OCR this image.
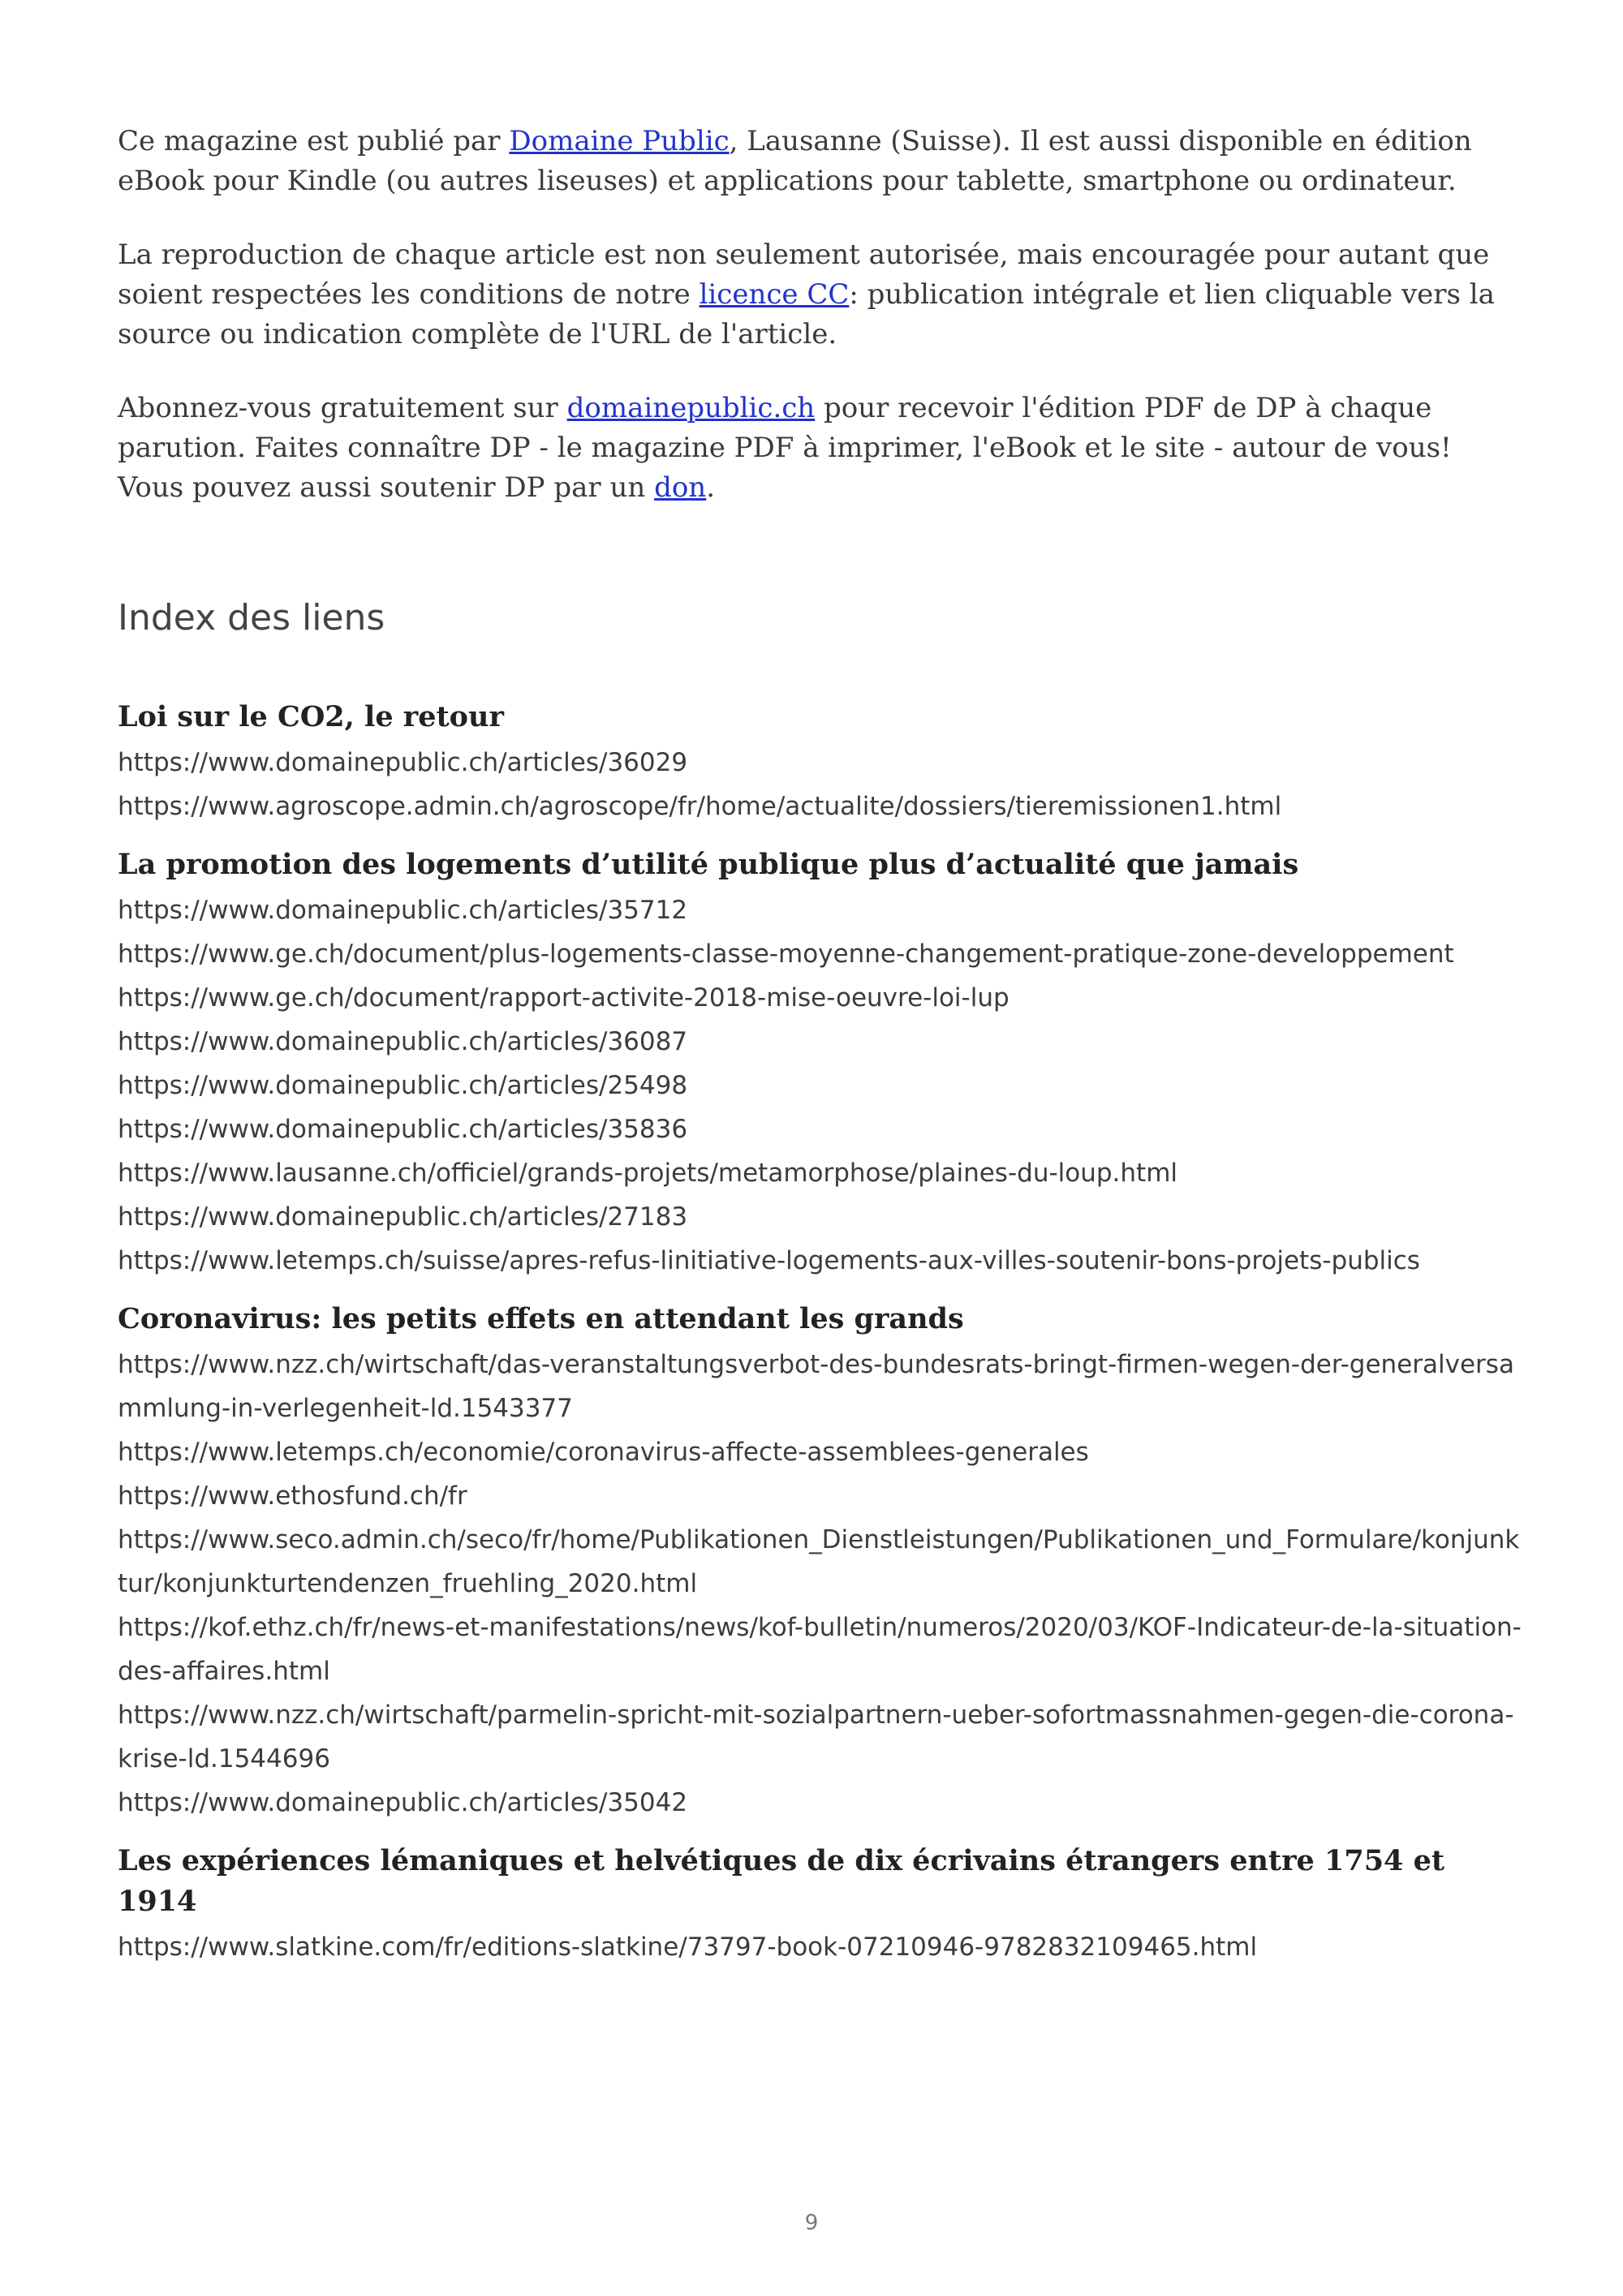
Ce magazine est publié par Domaine Public, Lausanne (Suisse). Il est aussi disponible en édition eBook pour Kindle (ou autres liseuses) et applications pour tablette, smartphone ou ordinateur.

La reproduction de chaque article est non seulement autorisée, mais encouragée pour autant que soient respectées les conditions de notre licence CC: publication intégrale et lien cliquable vers la source ou indication complète de l'URL de l'article.

Abonnez-vous gratuitement sur domainepublic.ch pour recevoir l'édition PDF de DP à chaque parution. Faites connaître DP - le magazine PDF à imprimer, l'eBook et le site - autour de vous! Vous pouvez aussi soutenir DP par un don.

Index des liens
Loi sur le CO2, le retour
https://www.domainepublic.ch/articles/36029
https://www.agroscope.admin.ch/agroscope/fr/home/actualite/dossiers/tieremissionen1.html
La promotion des logements d’utilité publique plus d’actualité que jamais
https://www.domainepublic.ch/articles/35712
https://www.ge.ch/document/plus-logements-classe-moyenne-changement-pratique-zone-developpement
https://www.ge.ch/document/rapport-activite-2018-mise-oeuvre-loi-lup
https://www.domainepublic.ch/articles/36087
https://www.domainepublic.ch/articles/25498
https://www.domainepublic.ch/articles/35836
https://www.lausanne.ch/officiel/grands-projets/metamorphose/plaines-du-loup.html
https://www.domainepublic.ch/articles/27183
https://www.letemps.ch/suisse/apres-refus-linitiative-logements-aux-villes-soutenir-bons-projets-publics
Coronavirus: les petits effets en attendant les grands
https://www.nzz.ch/wirtschaft/das-veranstaltungsverbot-des-bundesrats-bringt-firmen-wegen-der-generalversammlung-in-verlegenheit-ld.1543377
https://www.letemps.ch/economie/coronavirus-affecte-assemblees-generales
https://www.ethosfund.ch/fr
https://www.seco.admin.ch/seco/fr/home/Publikationen_Dienstleistungen/Publikationen_und_Formulare/konjunktur/konjunkturtendenzen_fruehling_2020.html
https://kof.ethz.ch/fr/news-et-manifestations/news/kof-bulletin/numeros/2020/03/KOF-Indicateur-de-la-situation-des-affaires.html
https://www.nzz.ch/wirtschaft/parmelin-spricht-mit-sozialpartnern-ueber-sofortmassnahmen-gegen-die-corona-krise-ld.1544696
https://www.domainepublic.ch/articles/35042
Les expériences lémaniques et helvétiques de dix écrivains étrangers entre 1754 et 1914
https://www.slatkine.com/fr/editions-slatkine/73797-book-07210946-9782832109465.html
9
